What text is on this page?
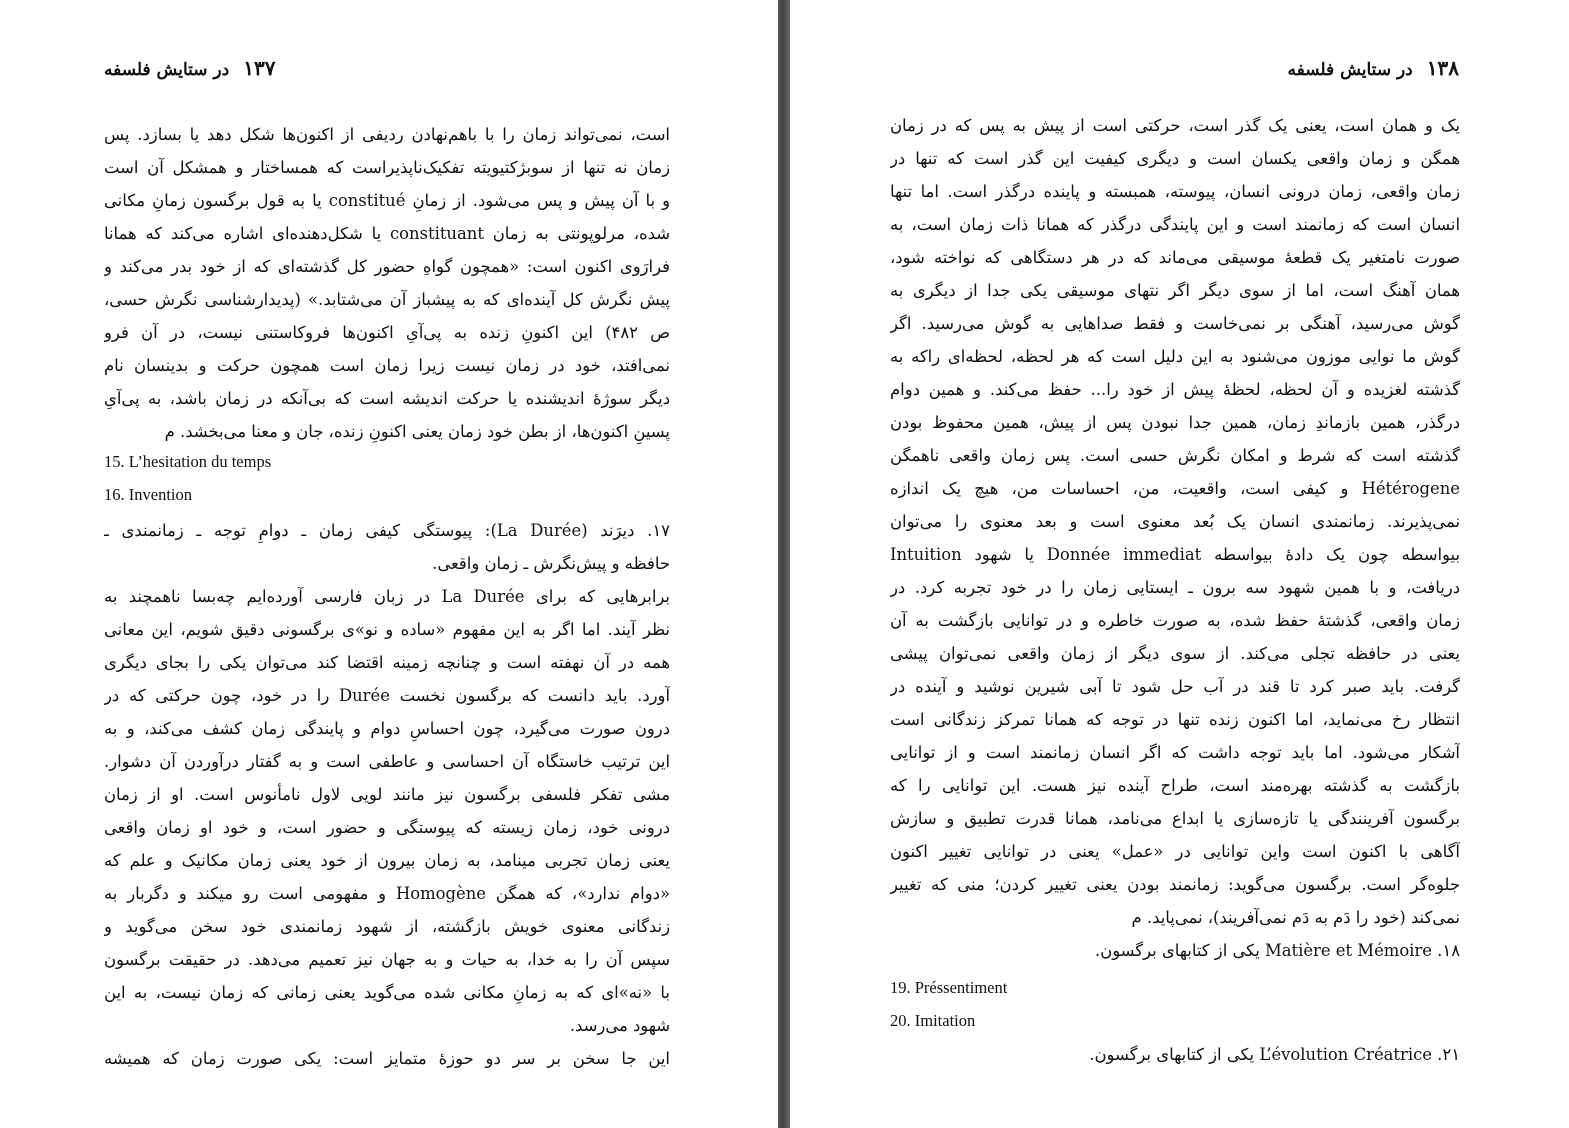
۱۳۷
در ستایش فلسفه
است، نمی‌تواند زمان را با باهم‌نهادن ردیفی از اکنون‌ها شکل دهد یا بسازد. پس
زمان نه تنها از سوبژکتیویته تفکیک‌ناپذیراست که همساختار و همشکل آن است
و با آن پیش و پس می‌شود. از زمانِ constitué یا به قول برگسون زمانِ مکانی
شده، مرلوپونتی به زمان constituant یا شکل‌دهنده‌ای اشاره می‌کند که همانا
فرارَوی اکنون است: «همچون گواهِ حضور کل گذشته‌ای که از خود بدر می‌کند و
پیش نگرش کل آینده‌ای که به پیشباز آن می‌شتابد.» (پدیدارشناسی نگرش حسی،
ص ۴۸۲) این اکنونِ زنده به پی‌آیِ اکنون‌ها فروکاستنی نیست، در آن فرو
نمی‌افتد، خود در زمان نیست زیرا زمان است همچون حرکت و بدینسان نام
دیگر سوژهٔ اندیشنده یا حرکت اندیشه است که بی‌آنکه در زمان باشد، به پی‌آیِ
پسینِ اکنون‌ها، از بطن خود زمان یعنی اکنونِ زنده، جان و معنا می‌بخشد. م
15. L’hesitation du temps
16. Invention
۱۷. دیرَند (La Durée): پیوستگی کیفی زمان ـ دوامِ توجه ـ زمانمندی ـ
حافظه و پیش‌نگرش ـ زمان واقعی.
برابرهایی که برای La Durée در زبان فارسی آورده‌ایم چه‌بسا ناهمچند به
نظر آیند. اما اگر به این مفهوم «ساده و نو»ی برگسونی دقیق شویم، این معانی
همه در آن نهفته است و چنانچه زمینه اقتضا کند می‌توان یکی را بجای دیگری
آورد. باید دانست که برگسون نخست Durée را در خود، چون حرکتی که در
درون صورت می‌گیرد، چون احساسِ دوام و پایندگی زمان کشف می‌کند، و به
این ترتیب خاستگاه آن احساسی و عاطفی است و به گفتار درآوردن آن دشوار.
مشی تفکر فلسفی برگسون نیز مانند لویی لاول نامأنوس است. او از زمان
درونی خود، زمان زیسته که پیوستگی و حضور است، و خود او زمان واقعی
یعنی زمان تجربی مینامد، به زمان بیرون از خود یعنی زمان مکانیک و علم که
«دوام ندارد»، که همگن Homogène و مفهومی است رو میکند و دگربار به
زندگانی معنوی خویش بازگشته، از شهود زمانمندی خود سخن می‌گوید و
سپس آن را به خدا، به حیات و به جهان نیز تعمیم می‌دهد. در حقیقت برگسون
با «نه»ای که به زمانِ مکانی شده می‌گوید یعنی زمانی که زمان نیست، به این
شهود می‌رسد.
این جا سخن بر سر دو حوزهٔ متمایز است: یکی صورت زمان که همیشه
۱۳۸
در ستایش فلسفه
یک و همان است، یعنی یک گذر است، حرکتی است از پیش به پس که در زمان
همگن و زمان واقعی یکسان است و دیگری کیفیت این گذر است که تنها در
زمان واقعی، زمان درونی انسان، پیوسته، همبسته و پاینده درگذر است. اما تنها
انسان است که زمانمند است و این پایندگی درگذر که همانا ذات زمان است، به
صورت نامتغیر یک قطعهٔ موسیقی می‌ماند که در هر دستگاهی که نواخته شود،
همان آهنگ است، اما از سوی دیگر اگر نتهای موسیقی یکی جدا از دیگری به
گوش می‌رسید، آهنگی بر نمی‌خاست و فقط صداهایی به گوش می‌رسید. اگر
گوش ما نوایی موزون می‌شنود به این دلیل است که هر لحظه، لحظه‌ای راکه به
گذشته لغزیده و آن لحظه، لحظهٔ پیش از خود را... حفظ می‌کند. و همین دوام
درگذر، همین بازماندِ زمان، همین جدا نبودن پس از پیش، همین محفوظ بودن
گذشته است که شرط و امکان نگرش حسی است. پس زمان واقعی ناهمگن
Hétérogene و کیفی است، واقعیت، من، احساسات من، هیچ یک اندازه
نمی‌پذیرند. زمانمندی انسان یک بُعد معنوی است و بعد معنوی را می‌توان
بیواسطه چون یک دادهٔ بیواسطه Donnée immediat یا شهود Intuition
دریافت، و با همین شهود سه برون ـ ایستایی زمان را در خود تجربه کرد. در
زمان واقعی، گذشتهٔ حفظ شده، به صورت خاطره و در توانایی بازگشت به آن
یعنی در حافظه تجلی می‌کند. از سوی دیگر از زمان واقعی نمی‌توان پیشی
گرفت. باید صبر کرد تا قند در آب حل شود تا آبی شیرین نوشید و آینده در
انتظار رخ می‌نماید، اما اکنون زنده تنها در توجه که همانا تمرکز زندگانی است
آشکار می‌شود. اما باید توجه داشت که اگر انسان زمانمند است و از توانایی
بازگشت به گذشته بهره‌مند است، طراح آینده نیز هست. این توانایی را که
برگسون آفرینندگی یا تازه‌سازی یا ابداع می‌نامد، همانا قدرت تطبیق و سازش
آگاهی با اکنون است واین توانایی در «عمل» یعنی در توانایی تغییر اکنون
جلوه‌گر است. برگسون می‌گوید: زمانمند بودن یعنی تغییر کردن؛ منی که تغییر
نمی‌کند (خود را دَم به دَم نمی‌آفریند)، نمی‌پاید. م
۱۸. Matière et Mémoire یکی از کتابهای برگسون.
19. Préssentiment
20. Imitation
۲۱. L’évolution Créatrice یکی از کتابهای برگسون.
